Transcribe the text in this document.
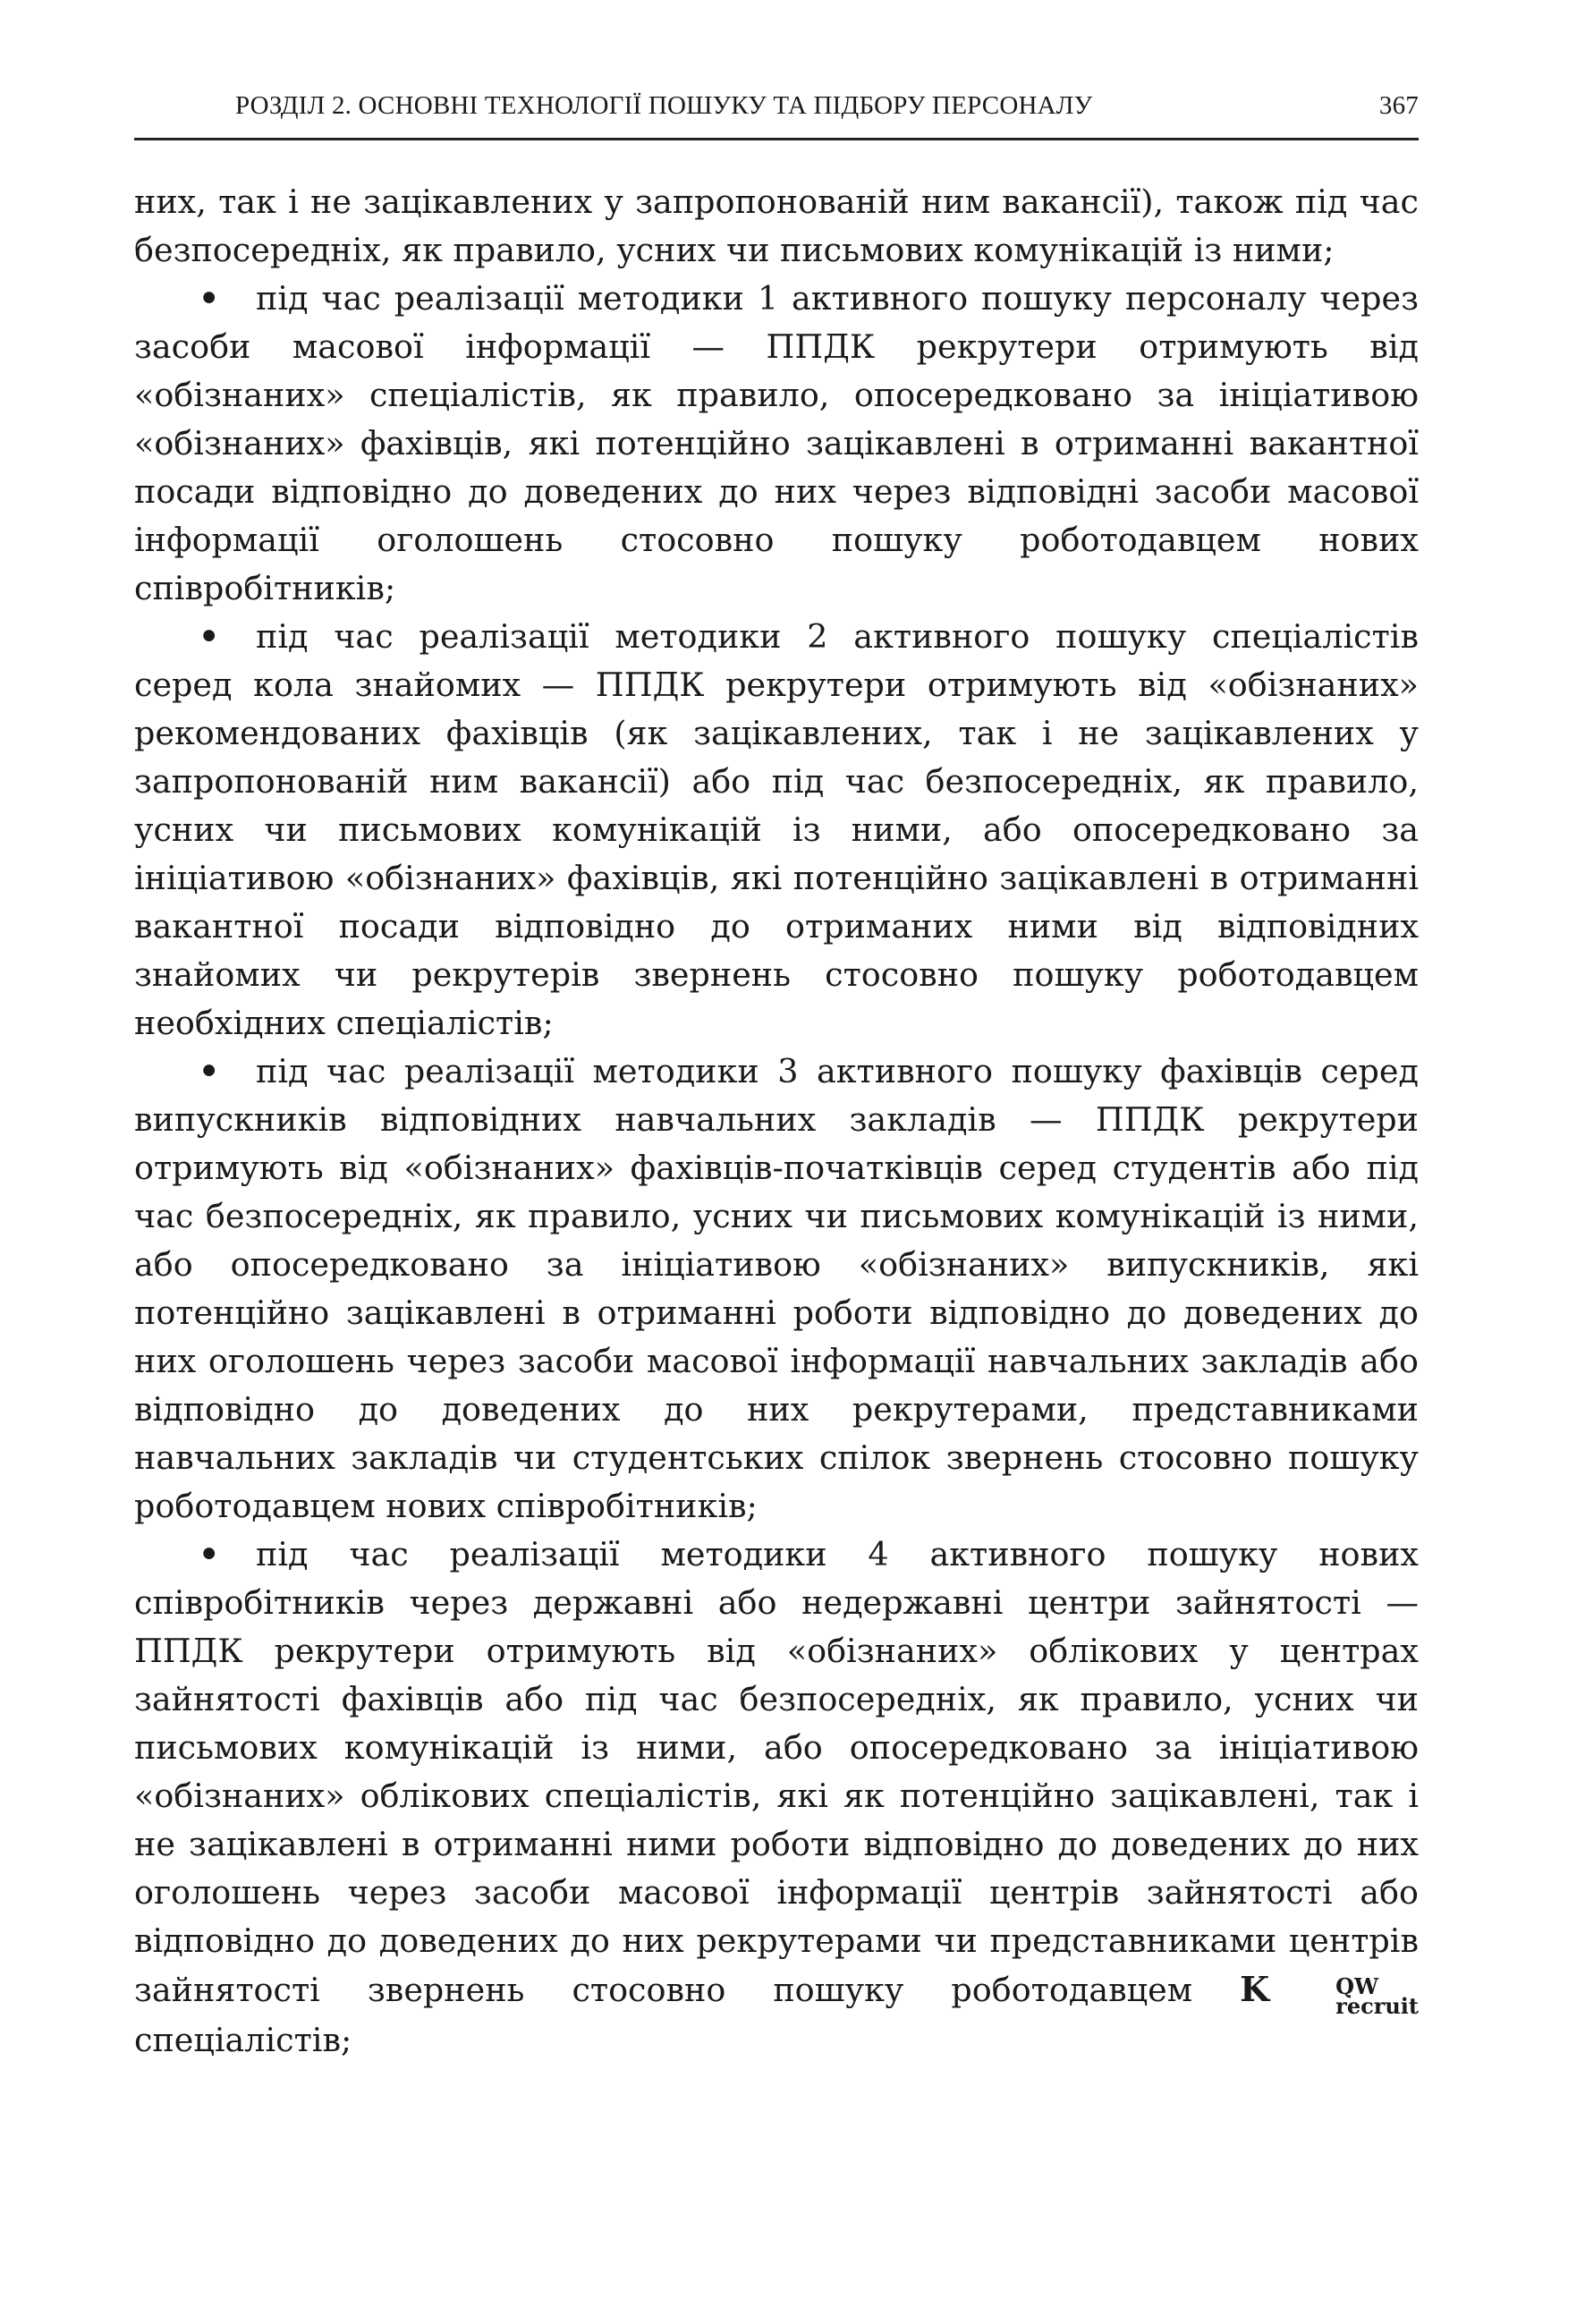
РОЗДІЛ 2. ОСНОВНІ ТЕХНОЛОГІЇ ПОШУКУ ТА ПІДБОРУ ПЕРСОНАЛУ	367

них, так і не зацікавлених у запропонованій ним вакансії), також під час безпосередніх, як правило, усних чи письмових комунікацій із ними;

• під час реалізації методики 1 активного пошуку персоналу через засоби масової інформації — ППДК рекрутери отримують від «обізнаних» спеціалістів, як правило, опосередковано за ініціативою «обізнаних» фахівців, які потенційно зацікавлені в отриманні вакантної посади відповідно до доведених до них через відповідні засоби масової інформації оголошень стосовно пошуку роботодавцем нових співробітників;

• під час реалізації методики 2 активного пошуку спеціалістів серед кола знайомих — ППДК рекрутери отримують від «обізнаних» рекомендованих фахівців (як зацікавлених, так і не зацікавлених у запропонованій ним вакансії) або під час безпосередніх, як правило, усних чи письмових комунікацій із ними, або опосередковано за ініціативою «обізнаних» фахівців, які потенційно зацікавлені в отриманні вакантної посади відповідно до отриманих ними від відповідних знайомих чи рекрутерів звернень стосовно пошуку роботодавцем необхідних спеціалістів;

• під час реалізації методики 3 активного пошуку фахівців серед випускників відповідних навчальних закладів — ППДК рекрутери отримують від «обізнаних» фахівців-початківців серед студентів або під час безпосередніх, як правило, усних чи письмових комунікацій із ними, або опосередковано за ініціативою «обізнаних» випускників, які потенційно зацікавлені в отриманні роботи відповідно до доведених до них оголошень через засоби масової інформації навчальних закладів або відповідно до доведених до них рекрутерами, представниками навчальних закладів чи студентських спілок звернень стосовно пошуку роботодавцем нових співробітників;

• під час реалізації методики 4 активного пошуку нових співробітників через державні або недержавні центри зайнятості — ППДК рекрутери отримують від «обізнаних» облікових у центрах зайнятості фахівців або під час безпосередніх, як правило, усних чи письмових комунікацій із ними, або опосередковано за ініціативою «обізнаних» облікових спеціалістів, які як потенційно зацікавлені, так і не зацікавлені в отриманні ними роботи відповідно до доведених до них оголошень через засоби масової інформації центрів зайнятості або відповідно до доведених до них рекрутерами чи представниками центрів зайнятості звернень стосовно пошуку роботодавцем K	QW
recruit
спеціалістів;
